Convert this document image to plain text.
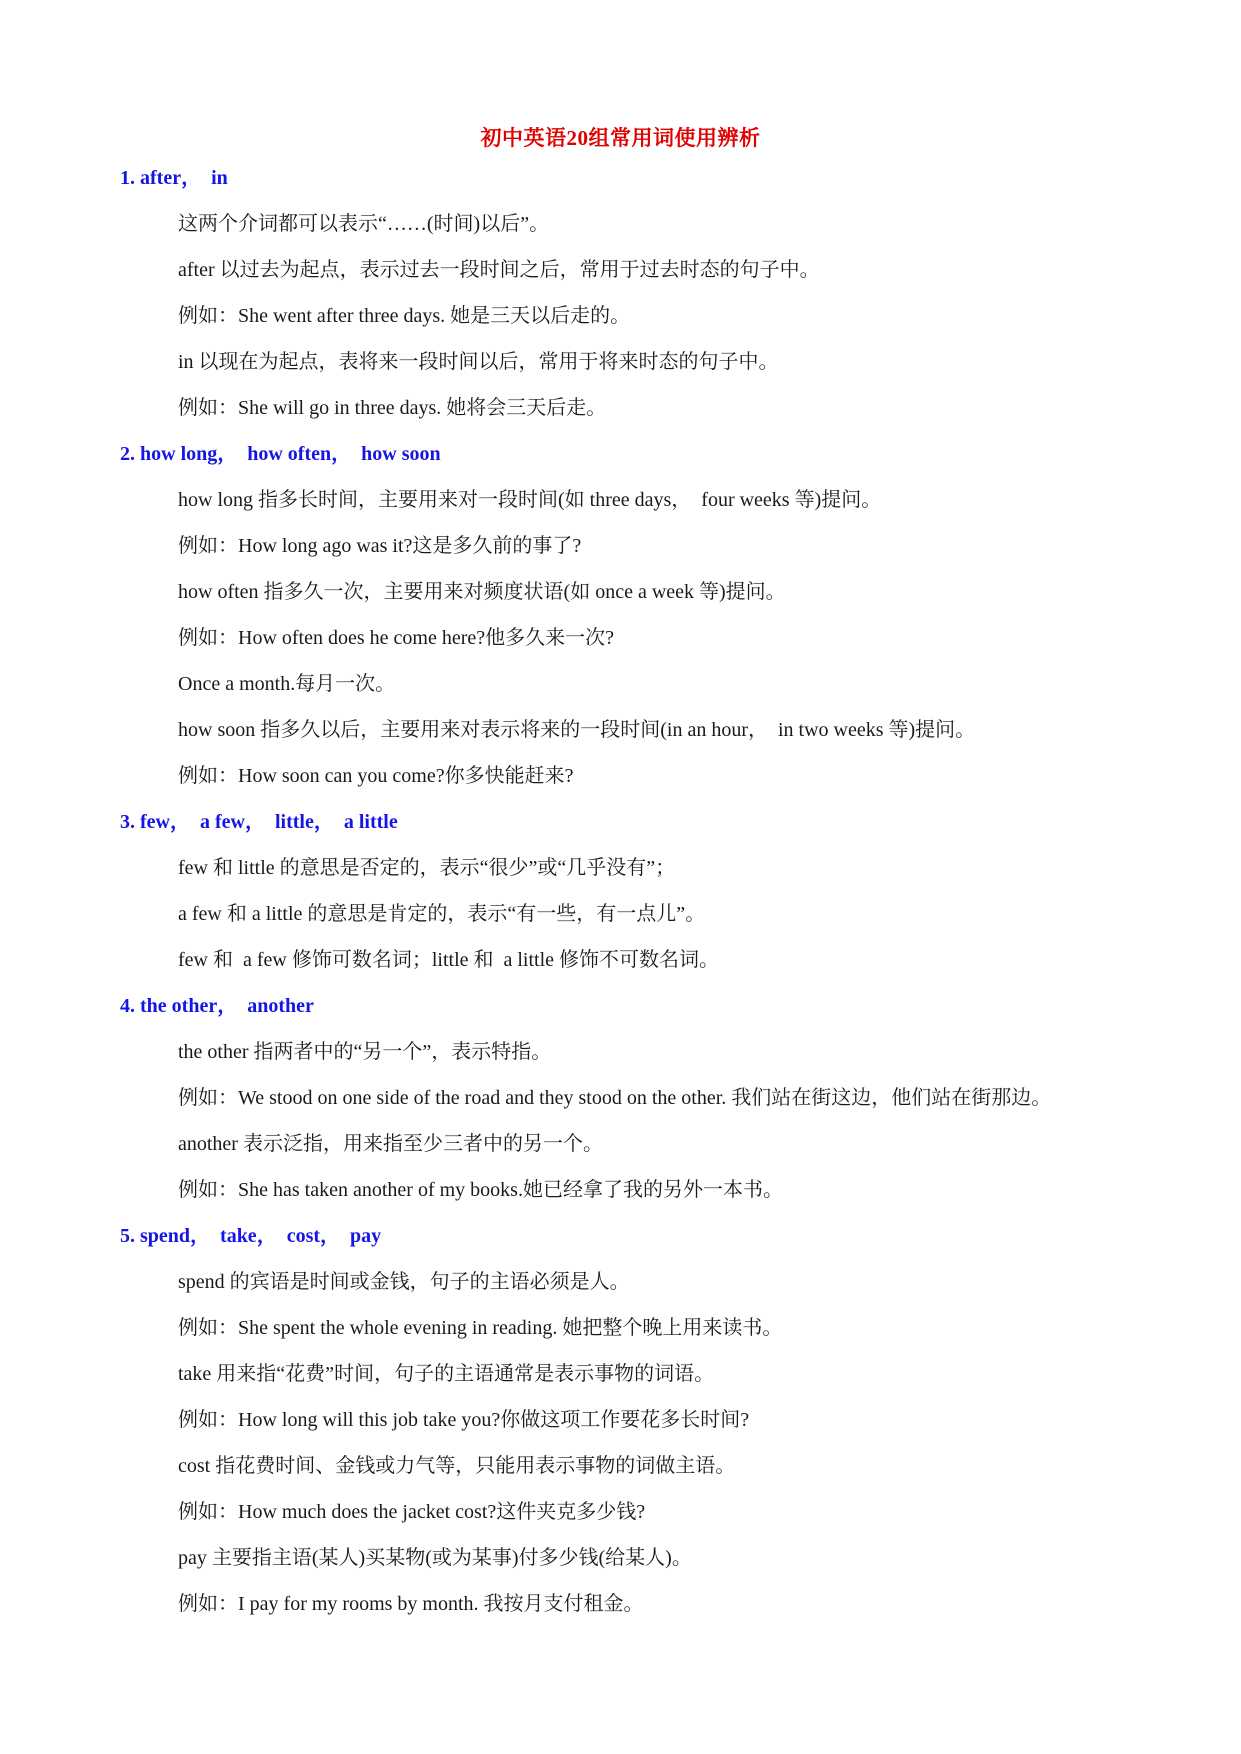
初中英语20组常用词使用辨析
1. after，  in
这两个介词都可以表示“……(时间)以后”。
after 以过去为起点，表示过去一段时间之后，常用于过去时态的句子中。
例如：She went after three days. 她是三天以后走的。
in 以现在为起点，表将来一段时间以后，常用于将来时态的句子中。
例如：She will go in three days. 她将会三天后走。
2. how long，  how often，  how soon
how long 指多长时间，主要用来对一段时间(如 three days，  four weeks 等)提问。
例如：How long ago was it?这是多久前的事了?
how often 指多久一次，主要用来对频度状语(如 once a week 等)提问。
例如：How often does he come here?他多久来一次?
Once a month.每月一次。
how soon 指多久以后，主要用来对表示将来的一段时间(in an hour，  in two weeks 等)提问。
例如：How soon can you come?你多快能赶来?
3. few，  a few，  little，  a little
few 和 little 的意思是否定的，表示“很少”或“几乎没有”；
a few 和 a little 的意思是肯定的，表示“有一些，有一点儿”。
few 和  a few 修饰可数名词；little 和  a little 修饰不可数名词。
4. the other，  another
the other 指两者中的“另一个”，表示特指。
例如：We stood on one side of the road and they stood on the other. 我们站在街这边，他们站在街那边。
another 表示泛指，用来指至少三者中的另一个。
例如：She has taken another of my books.她已经拿了我的另外一本书。
5. spend，  take，  cost，  pay
spend 的宾语是时间或金钱，句子的主语必须是人。
例如：She spent the whole evening in reading. 她把整个晚上用来读书。
take 用来指“花费”时间，句子的主语通常是表示事物的词语。
例如：How long will this job take you?你做这项工作要花多长时间?
cost 指花费时间、金钱或力气等，只能用表示事物的词做主语。
例如：How much does the jacket cost?这件夹克多少钱?
pay 主要指主语(某人)买某物(或为某事)付多少钱(给某人)。
例如：I pay for my rooms by month. 我按月支付租金。
